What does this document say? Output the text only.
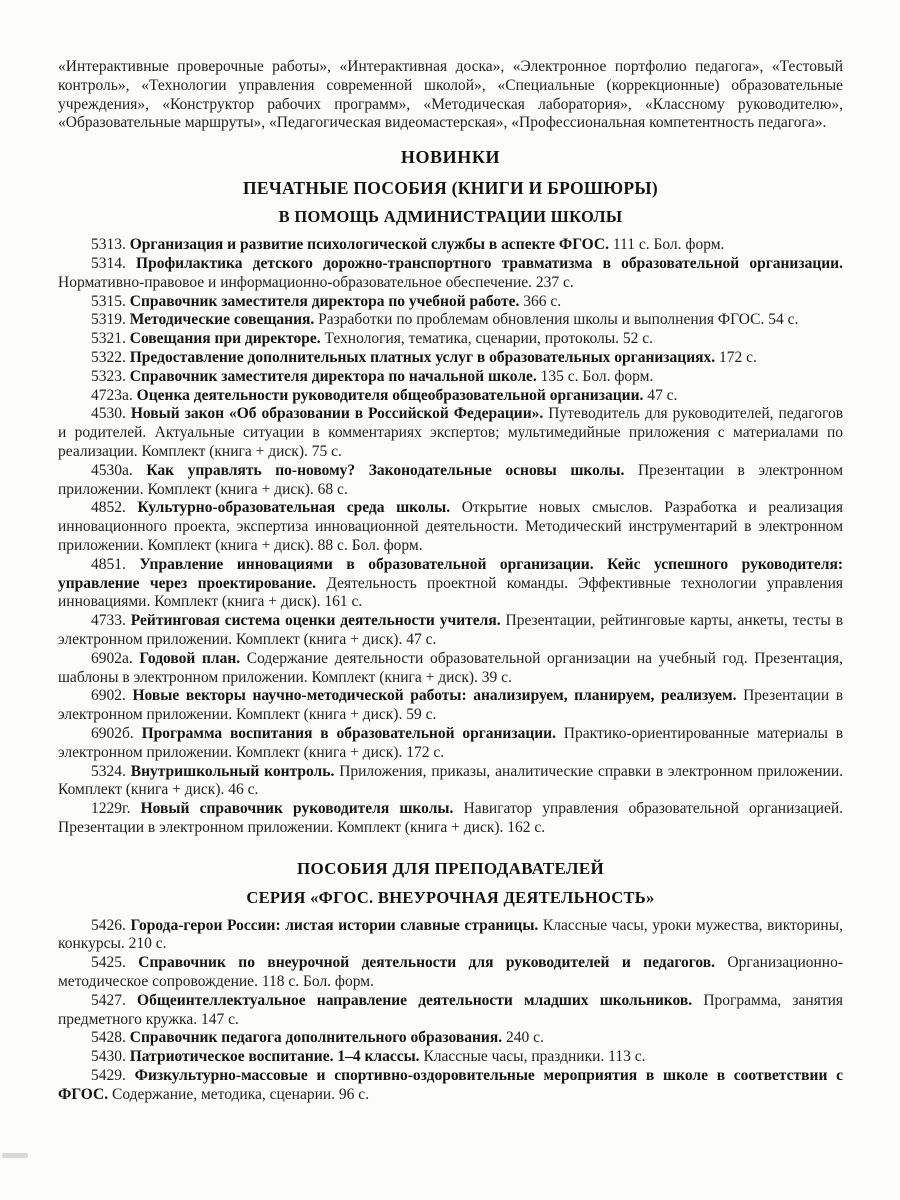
«Интерактивные проверочные работы», «Интерактивная доска», «Электронное портфолио педагога», «Тестовый контроль», «Технологии управления современной школой», «Специальные (коррекционные) образовательные учреждения», «Конструктор рабочих программ», «Методическая лаборатория», «Классному руководителю», «Образовательные маршруты», «Педагогическая видеомастерская», «Профессиональная компетентность педагога».

НОВИНКИ
ПЕЧАТНЫЕ ПОСОБИЯ (КНИГИ И БРОШЮРЫ)
В ПОМОЩЬ АДМИНИСТРАЦИИ ШКОЛЫ

5313. Организация и развитие психологической службы в аспекте ФГОС. 111 с. Бол. форм.

5314. Профилактика детского дорожно-транспортного травматизма в образовательной организации. Нормативно-правовое и информационно-образовательное обеспечение. 237 с.

5315. Справочник заместителя директора по учебной работе. 366 с.

5319. Методические совещания. Разработки по проблемам обновления школы и выполнения ФГОС. 54 с.

5321. Совещания при директоре. Технология, тематика, сценарии, протоколы. 52 с.

5322. Предоставление дополнительных платных услуг в образовательных организациях. 172 с.

5323. Справочник заместителя директора по начальной школе. 135 с. Бол. форм.

4723а. Оценка деятельности руководителя общеобразовательной организации. 47 с.

4530. Новый закон «Об образовании в Российской Федерации». Путеводитель для руководителей, педагогов и родителей. Актуальные ситуации в комментариях экспертов; мультимедийные приложения с материалами по реализации. Комплект (книга + диск). 75 с.

4530а. Как управлять по-новому? Законодательные основы школы. Презентации в электронном приложении. Комплект (книга + диск). 68 с.

4852. Культурно-образовательная среда школы. Открытие новых смыслов. Разработка и реализация инновационного проекта, экспертиза инновационной деятельности. Методический инструментарий в электронном приложении. Комплект (книга + диск). 88 с. Бол. форм.

4851. Управление инновациями в образовательной организации. Кейс успешного руководителя: управление через проектирование. Деятельность проектной команды. Эффективные технологии управления инновациями. Комплект (книга + диск). 161 с.

4733. Рейтинговая система оценки деятельности учителя. Презентации, рейтинговые карты, анкеты, тесты в электронном приложении. Комплект (книга + диск). 47 с.

6902а. Годовой план. Содержание деятельности образовательной организации на учебный год. Презентация, шаблоны в электронном приложении. Комплект (книга + диск). 39 с.

6902. Новые векторы научно-методической работы: анализируем, планируем, реализуем. Презентации в электронном приложении. Комплект (книга + диск). 59 с.

6902б. Программа воспитания в образовательной организации. Практико-ориентированные материалы в электронном приложении. Комплект (книга + диск). 172 с.

5324. Внутришкольный контроль. Приложения, приказы, аналитические справки в электронном приложении. Комплект (книга + диск). 46 с.

1229г. Новый справочник руководителя школы. Навигатор управления образовательной организацией. Презентации в электронном приложении. Комплект (книга + диск). 162 с.

ПОСОБИЯ ДЛЯ ПРЕПОДАВАТЕЛЕЙ
СЕРИЯ «ФГОС. ВНЕУРОЧНАЯ ДЕЯТЕЛЬНОСТЬ»

5426. Города-герои России: листая истории славные страницы. Классные часы, уроки мужества, викторины, конкурсы. 210 с.

5425. Справочник по внеурочной деятельности для руководителей и педагогов. Организационно-методическое сопровождение. 118 с. Бол. форм.

5427. Общеинтеллектуальное направление деятельности младших школьников. Программа, занятия предметного кружка. 147 с.

5428. Справочник педагога дополнительного образования. 240 с.

5430. Патриотическое воспитание. 1–4 классы. Классные часы, праздники. 113 с.

5429. Физкультурно-массовые и спортивно-оздоровительные мероприятия в школе в соответствии с ФГОС. Содержание, методика, сценарии. 96 с.
